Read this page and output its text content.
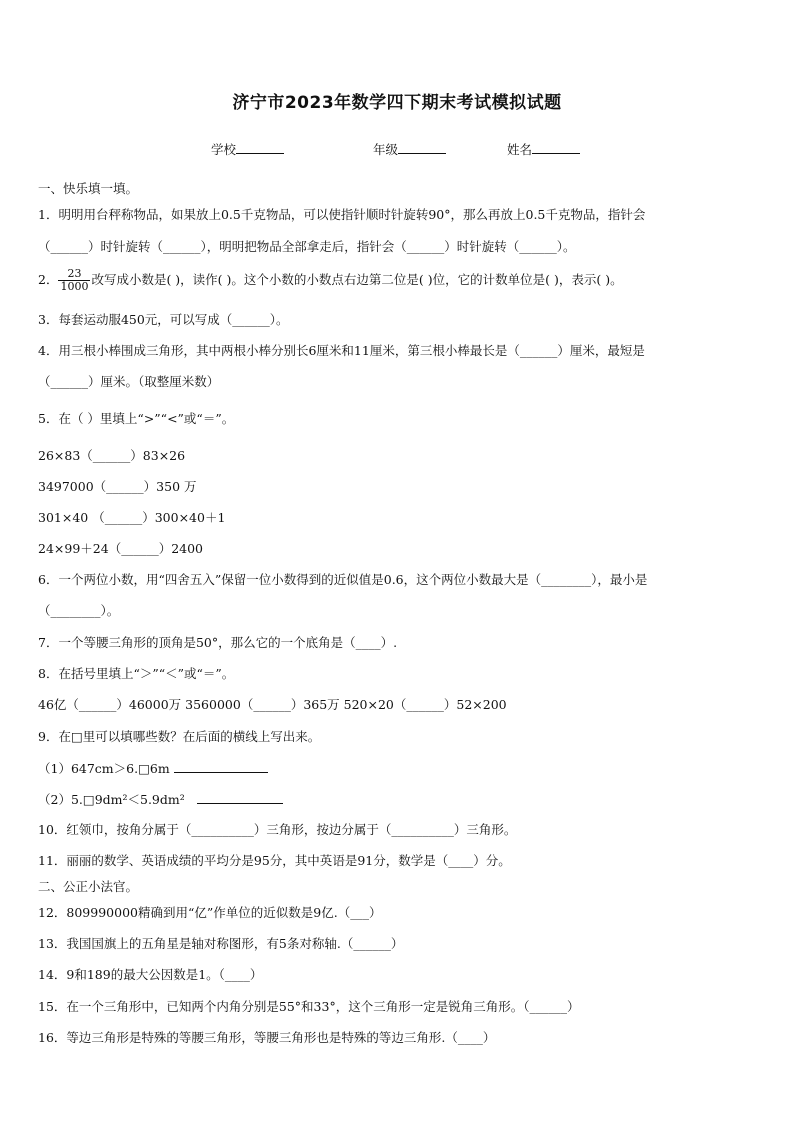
济宁市2023年数学四下期末考试模拟试题
学校	年级	姓名
一、快乐填一填。
1．明明用台秤称物品，如果放上0.5千克物品，可以使指针顺时针旋转90°，那么再放上0.5千克物品，指针会
（______）时针旋转（______），明明把物品全部拿走后，指针会（______）时针旋转（______）。
2． $\frac{23}{1000}$ 改写成小数是( )，读作( )。这个小数的小数点右边第二位是( )位，它的计数单位是( )，表示( )。
3．每套运动服450元，可以写成（______）。
4．用三根小棒围成三角形，其中两根小棒分别长6厘米和11厘米，第三根小棒最长是（______）厘米，最短是
（______）厘米。（取整厘米数）
5．在（ ）里填上“>”“<”或“＝”。
26×83（______）83×26
3497000（______）350 万
301×40 （______）300×40＋1
24×99＋24（______）2400
6．一个两位小数，用“四舍五入”保留一位小数得到的近似值是0.6，这个两位小数最大是（________），最小是
（________）。
7．一个等腰三角形的顶角是50°，那么它的一个底角是（____）.
8．在括号里填上“＞”“＜”或“＝”。
46亿（______）46000万 3560000（______）365万 520×20（______）52×200
9．在□里可以填哪些数？在后面的横线上写出来。
（1）647cm＞6.□6m
（2）5.□9dm²＜5.9dm²
10．红领巾，按角分属于（__________）三角形，按边分属于（__________）三角形。
11．丽丽的数学、英语成绩的平均分是95分，其中英语是91分，数学是（____）分。
二、公正小法官。
12．809990000精确到用“亿”作单位的近似数是9亿.（___）
13．我国国旗上的五角星是轴对称图形，有5条对称轴.（______）
14．9和189的最大公因数是1。（____）
15．在一个三角形中，已知两个内角分别是55°和33°，这个三角形一定是锐角三角形。（______）
16．等边三角形是特殊的等腰三角形，等腰三角形也是特殊的等边三角形.（____）
